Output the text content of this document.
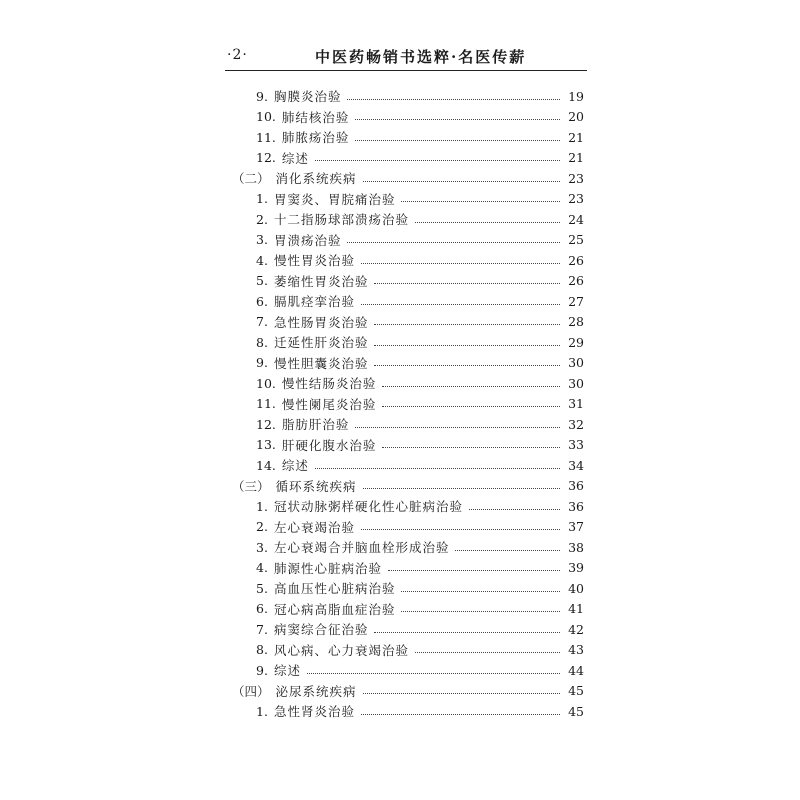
·2·	中医药畅销书选粹·名医传薪
9. 胸膜炎治验	19
10. 肺结核治验	20
11. 肺脓疡治验	21
12. 综述	21
（二） 消化系统疾病	23
1. 胃窦炎、胃脘痛治验	23
2. 十二指肠球部溃疡治验	24
3. 胃溃疡治验	25
4. 慢性胃炎治验	26
5. 萎缩性胃炎治验	26
6. 膈肌痉挛治验	27
7. 急性肠胃炎治验	28
8. 迁延性肝炎治验	29
9. 慢性胆囊炎治验	30
10. 慢性结肠炎治验	30
11. 慢性阑尾炎治验	31
12. 脂肪肝治验	32
13. 肝硬化腹水治验	33
14. 综述	34
（三） 循环系统疾病	36
1. 冠状动脉粥样硬化性心脏病治验	36
2. 左心衰竭治验	37
3. 左心衰竭合并脑血栓形成治验	38
4. 肺源性心脏病治验	39
5. 高血压性心脏病治验	40
6. 冠心病高脂血症治验	41
7. 病窦综合征治验	42
8. 风心病、心力衰竭治验	43
9. 综述	44
（四） 泌尿系统疾病	45
1. 急性肾炎治验	45
